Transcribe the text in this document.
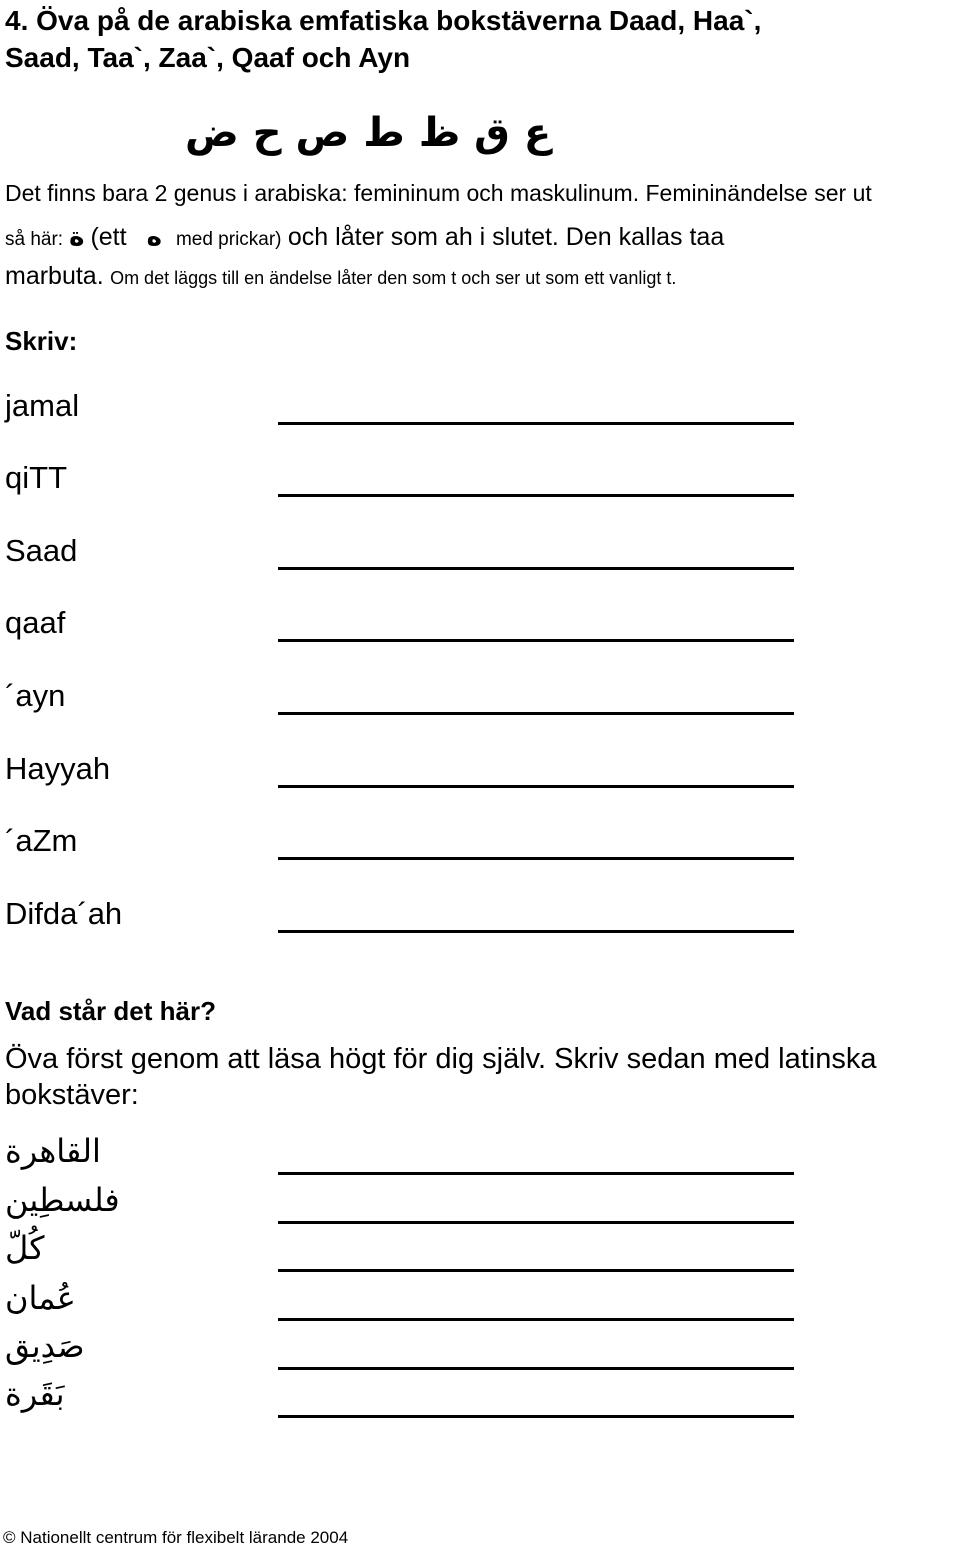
4. Öva på de arabiska emfatiska bokstäverna Daad, Haa`,
Saad, Taa`, Zaa`, Qaaf och Ayn
ع ق ظ ط ص ح ض
Det finns bara 2 genus i arabiska: femininum och maskulinum. Femininändelse ser ut
så här: ة (ett ه med prickar) och låter som ah i slutet. Den kallas taa
marbuta. Om det läggs till en ändelse låter den som t och ser ut som ett vanligt t.
Skriv:
jamal
qiTT
Saad
qaaf
´ayn
Hayyah
´aZm
Difda´ah
Vad står det här?
Öva först genom att läsa högt för dig själv. Skriv sedan med latinska
bokstäver:
القاهرة
فلسطِين
كُلّ
عُمان
صَدِيق
بَقَرة
© Nationellt centrum för flexibelt lärande 2004
